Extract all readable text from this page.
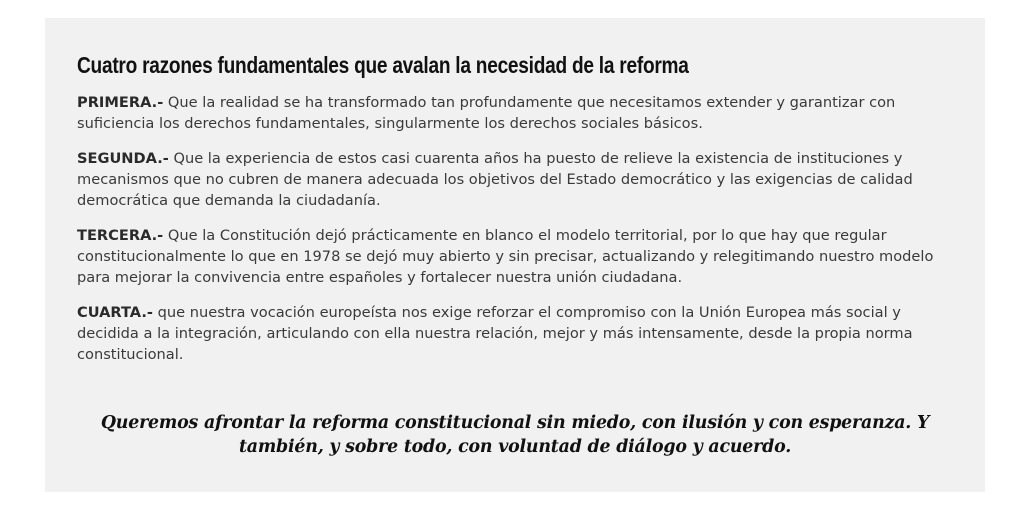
Cuatro razones fundamentales que avalan la necesidad de la reforma

PRIMERA.- Que la realidad se ha transformado tan profundamente que necesitamos extender y garantizar con suficiencia los derechos fundamentales, singularmente los derechos sociales básicos.

SEGUNDA.- Que la experiencia de estos casi cuarenta años ha puesto de relieve la existencia de instituciones y mecanismos que no cubren de manera adecuada los objetivos del Estado democrático y las exigencias de calidad democrática que demanda la ciudadanía.

TERCERA.- Que la Constitución dejó prácticamente en blanco el modelo territorial, por lo que hay que regular constitucionalmente lo que en 1978 se dejó muy abierto y sin precisar, actualizando y relegitimando nuestro modelo para mejorar la convivencia entre españoles y fortalecer nuestra unión ciudadana.

CUARTA.- que nuestra vocación europeísta nos exige reforzar el compromiso con la Unión Europea más social y decidida a la integración, articulando con ella nuestra relación, mejor y más intensamente, desde la propia norma constitucional.

Queremos afrontar la reforma constitucional sin miedo, con ilusión y con esperanza. Y también, y sobre todo, con voluntad de diálogo y acuerdo.
